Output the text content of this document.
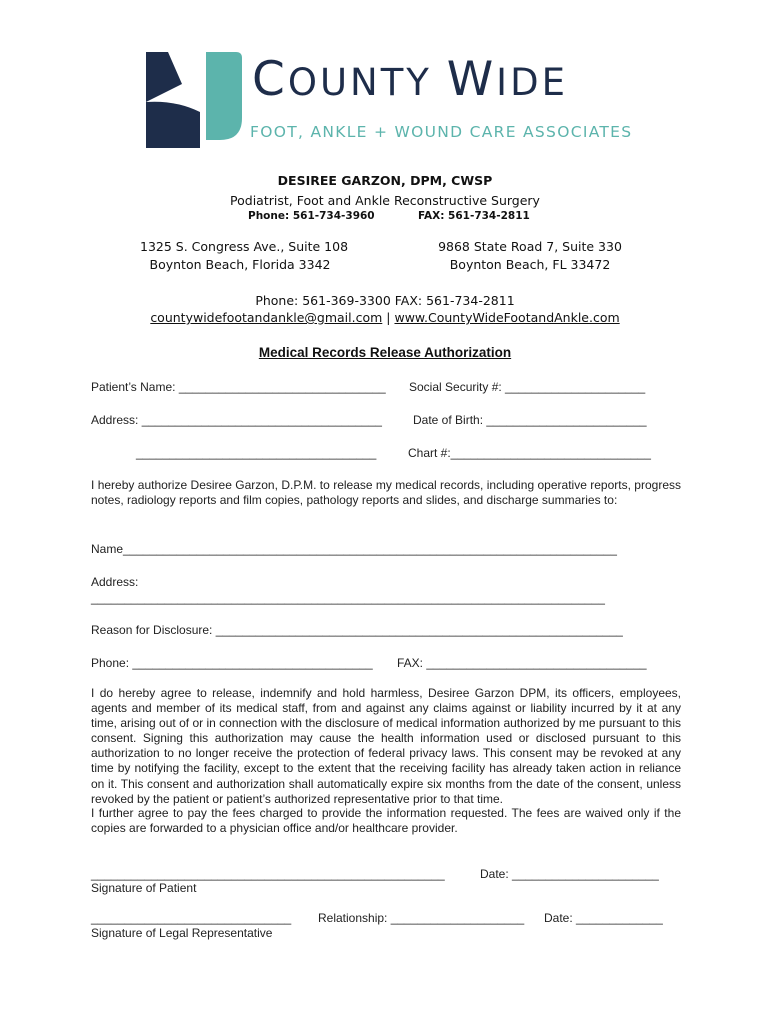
COUNTY WIDE
FOOT, ANKLE + WOUND CARE ASSOCIATES
DESIREE GARZON, DPM, CWSP
Podiatrist, Foot and Ankle Reconstructive Surgery
Phone: 561-734-3960	FAX: 561-734-2811
1325 S. Congress Ave., Suite 108
Boynton Beach, Florida 3342
9868 State Road 7, Suite 330
Boynton Beach, FL 33472
Phone: 561-369-3300 FAX: 561-734-2811
countywidefootandankle@gmail.com | www.CountyWideFootandAnkle.com
Medical Records Release Authorization
Patient’s Name: _______________________________ Social Security #: _____________________
Address: ____________________________________	Date of Birth: ________________________
____________________________________	Chart #:______________________________

I hereby authorize Desiree Garzon, D.P.M. to release my medical records, including operative reports, progress notes, radiology reports and film copies, pathology reports and slides, and discharge summaries to:

Name__________________________________________________________________________
Address:
_____________________________________________________________________________
Reason for Disclosure: _____________________________________________________________
Phone: ____________________________________ FAX: _________________________________

I do hereby agree to release, indemnify and hold harmless, Desiree Garzon DPM, its officers, employees, agents and member of its medical staff, from and against any claims against or liability incurred by it at any time, arising out of or in connection with the disclosure of medical information authorized by me pursuant to this consent. Signing this authorization may cause the health information used or disclosed pursuant to this authorization to no longer receive the protection of federal privacy laws. This consent may be revoked at any time by notifying the facility, except to the extent that the receiving facility has already taken action in reliance on it. This consent and authorization shall automatically expire six months from the date of the consent, unless revoked by the patient or patient’s authorized representative prior to that time.

I further agree to pay the fees charged to provide the information requested. The fees are waived only if the copies are forwarded to a physician office and/or healthcare provider.

_____________________________________________________	Date: ______________________
Signature of Patient
______________________________ Relationship: ____________________ Date: _____________
Signature of Legal Representative
